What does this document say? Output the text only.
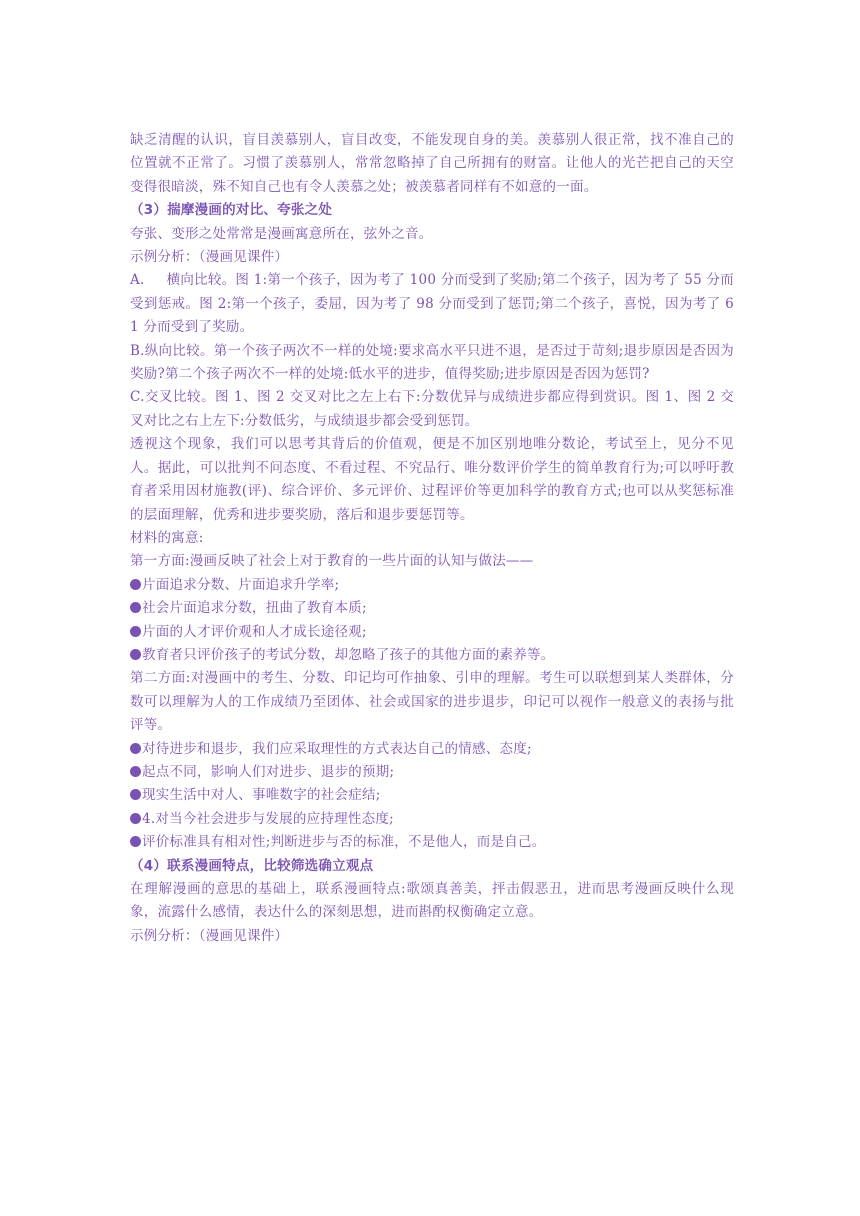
缺乏清醒的认识，盲目羡慕别人，盲目改变，不能发现自身的美。羡慕别人很正常，找不准自己的位置就不正常了。习惯了羡慕别人，常常忽略掉了自己所拥有的财富。让他人的光芒把自己的天空变得很暗淡，殊不知自己也有令人羡慕之处；被羡慕者同样有不如意的一面。

（3）揣摩漫画的对比、夸张之处

夸张、变形之处常常是漫画寓意所在，弦外之音。

示例分析：（漫画见课件）

A. 横向比较。图 1:第一个孩子，因为考了 100 分而受到了奖励;第二个孩子，因为考了 55 分而受到惩戒。图 2:第一个孩子，委屈，因为考了 98 分而受到了惩罚;第二个孩子，喜悦，因为考了 61 分而受到了奖励。

B.纵向比较。第一个孩子两次不一样的处境:要求高水平只进不退，是否过于苛刻;退步原因是否因为奖励?第二个孩子两次不一样的处境:低水平的进步，值得奖励;进步原因是否因为惩罚?

C.交叉比较。图 1、图 2 交叉对比之左上右下:分数优异与成绩进步都应得到赏识。图 1、图 2 交叉对比之右上左下:分数低劣，与成绩退步都会受到惩罚。

透视这个现象，我们可以思考其背后的价值观，便是不加区别地唯分数论，考试至上，见分不见人。据此，可以批判不问态度、不看过程、不究品行、唯分数评价学生的简单教育行为;可以呼吁教育者采用因材施教(评)、综合评价、多元评价、过程评价等更加科学的教育方式;也可以从奖惩标准的层面理解，优秀和进步要奖励，落后和退步要惩罚等。

材料的寓意:

第一方面:漫画反映了社会上对于教育的一些片面的认知与做法——

片面追求分数、片面追求升学率;

社会片面追求分数，扭曲了教育本质;

片面的人才评价观和人才成长途径观;

教育者只评价孩子的考试分数，却忽略了孩子的其他方面的素养等。

第二方面:对漫画中的考生、分数、印记均可作抽象、引申的理解。考生可以联想到某人类群体，分数可以理解为人的工作成绩乃至团体、社会或国家的进步退步，印记可以视作一般意义的表扬与批评等。

对待进步和退步，我们应采取理性的方式表达自己的情感、态度;

起点不同，影响人们对进步、退步的预期;

现实生活中对人、事唯数字的社会症结;

4.对当今社会进步与发展的应持理性态度;

评价标准具有相对性;判断进步与否的标准，不是他人，而是自己。

（4）联系漫画特点，比较筛选确立观点

在理解漫画的意思的基础上，联系漫画特点:歌颂真善美，抨击假恶丑，进而思考漫画反映什么现象，流露什么感情，表达什么的深刻思想，进而斟酌权衡确定立意。

示例分析：（漫画见课件）
